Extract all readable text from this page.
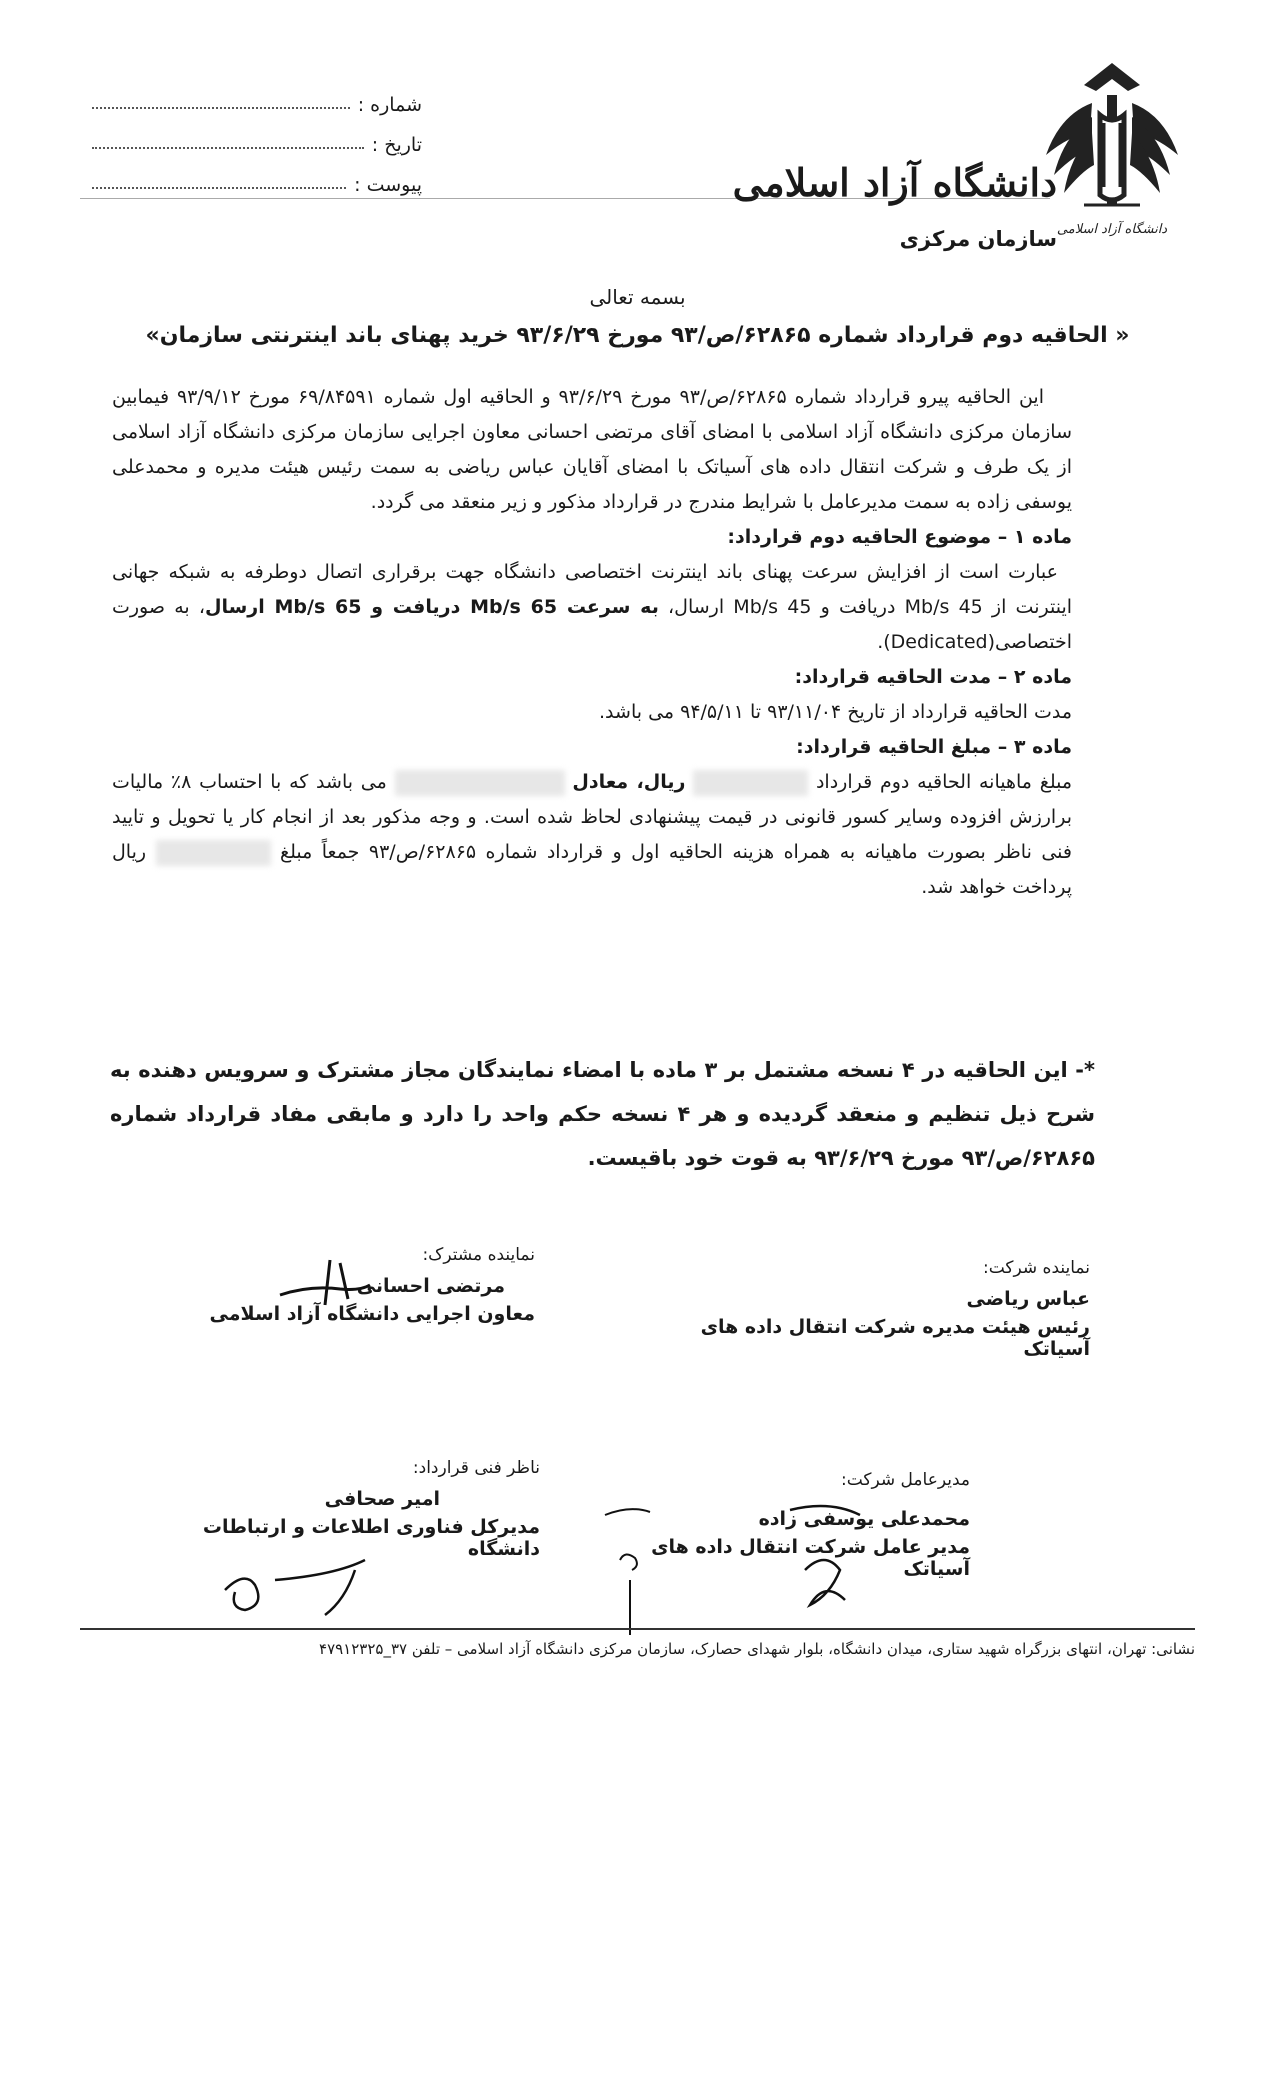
شماره :
تاریخ :
پیوست :
دانشگاه آزاد اسلامی
دانشگاه آزاد اسلامی
سازمان مرکزی
بسمه تعالی
« الحاقیه دوم قرارداد شماره ۶۲۸۶۵/ص/۹۳ مورخ ۹۳/۶/۲۹ خرید پهنای باند اینترنتی سازمان»

این الحاقیه پیرو قرارداد شماره ۶۲۸۶۵/ص/۹۳ مورخ ۹۳/۶/۲۹ و الحاقیه اول شماره ۶۹/۸۴۵۹۱ مورخ ۹۳/۹/۱۲ فیمابین سازمان مرکزی دانشگاه آزاد اسلامی با امضای آقای مرتضی احسانی معاون اجرایی سازمان مرکزی دانشگاه آزاد اسلامی از یک طرف و شرکت انتقال داده های آسیاتک با امضای آقایان عباس ریاضی به سمت رئیس هیئت مدیره و محمدعلی یوسفی زاده به سمت مدیرعامل با شرایط مندرج در قرارداد مذکور و زیر منعقد می گردد.

ماده ۱ – موضوع الحاقیه دوم قرارداد:

عبارت است از افزایش سرعت پهنای باند اینترنت اختصاصی دانشگاه جهت برقراری اتصال دوطرفه به شبکه جهانی اینترنت از 45 Mb/s دریافت و 45 Mb/s ارسال، به سرعت 65 Mb/s دریافت و 65 Mb/s ارسال، به صورت اختصاصی(Dedicated).

ماده ۲ – مدت الحاقیه قرارداد:

مدت الحاقیه قرارداد از تاریخ ۹۳/۱۱/۰۴ تا ۹۴/۵/۱۱ می باشد.

ماده ۳ – مبلغ الحاقیه قرارداد:

مبلغ ماهیانه الحاقیه دوم قرارداد  ریال، معادل  می باشد که با احتساب ۸٪ مالیات برارزش افزوده وسایر کسور قانونی در قیمت پیشنهادی لحاظ شده است. و وجه مذکور بعد از انجام کار یا تحویل و تایید فنی ناظر بصورت ماهیانه به همراه هزینه الحاقیه اول و قرارداد شماره ۶۲۸۶۵/ص/۹۳ جمعاً مبلغ  ریال پرداخت خواهد شد.

*- این الحاقیه در ۴ نسخه مشتمل بر ۳ ماده با امضاء نمایندگان مجاز مشترک و سرویس دهنده به شرح ذیل تنظیم و منعقد گردیده و هر ۴ نسخه حکم واحد را دارد و مابقی مفاد قرارداد شماره ۶۲۸۶۵/ص/۹۳ مورخ ۹۳/۶/۲۹ به قوت خود باقیست.
نماینده شرکت:
عباس ریاضی
رئیس هیئت مدیره شرکت انتقال داده های آسیاتک
نماینده مشترک:
مرتضی احسانی
معاون اجرایی دانشگاه آزاد اسلامی
مدیرعامل شرکت:
محمدعلی یوسفی زاده
مدیر عامل شرکت انتقال داده های آسیاتک
ناظر فنی قرارداد:
امیر صحافی
مدیرکل فناوری اطلاعات و ارتباطات دانشگاه
نشانی: تهران، انتهای بزرگراه شهید ستاری، میدان دانشگاه، بلوار شهدای حصارک، سازمان مرکزی دانشگاه آزاد اسلامی – تلفن ۳۷_۴۷۹۱۲۳۲۵
